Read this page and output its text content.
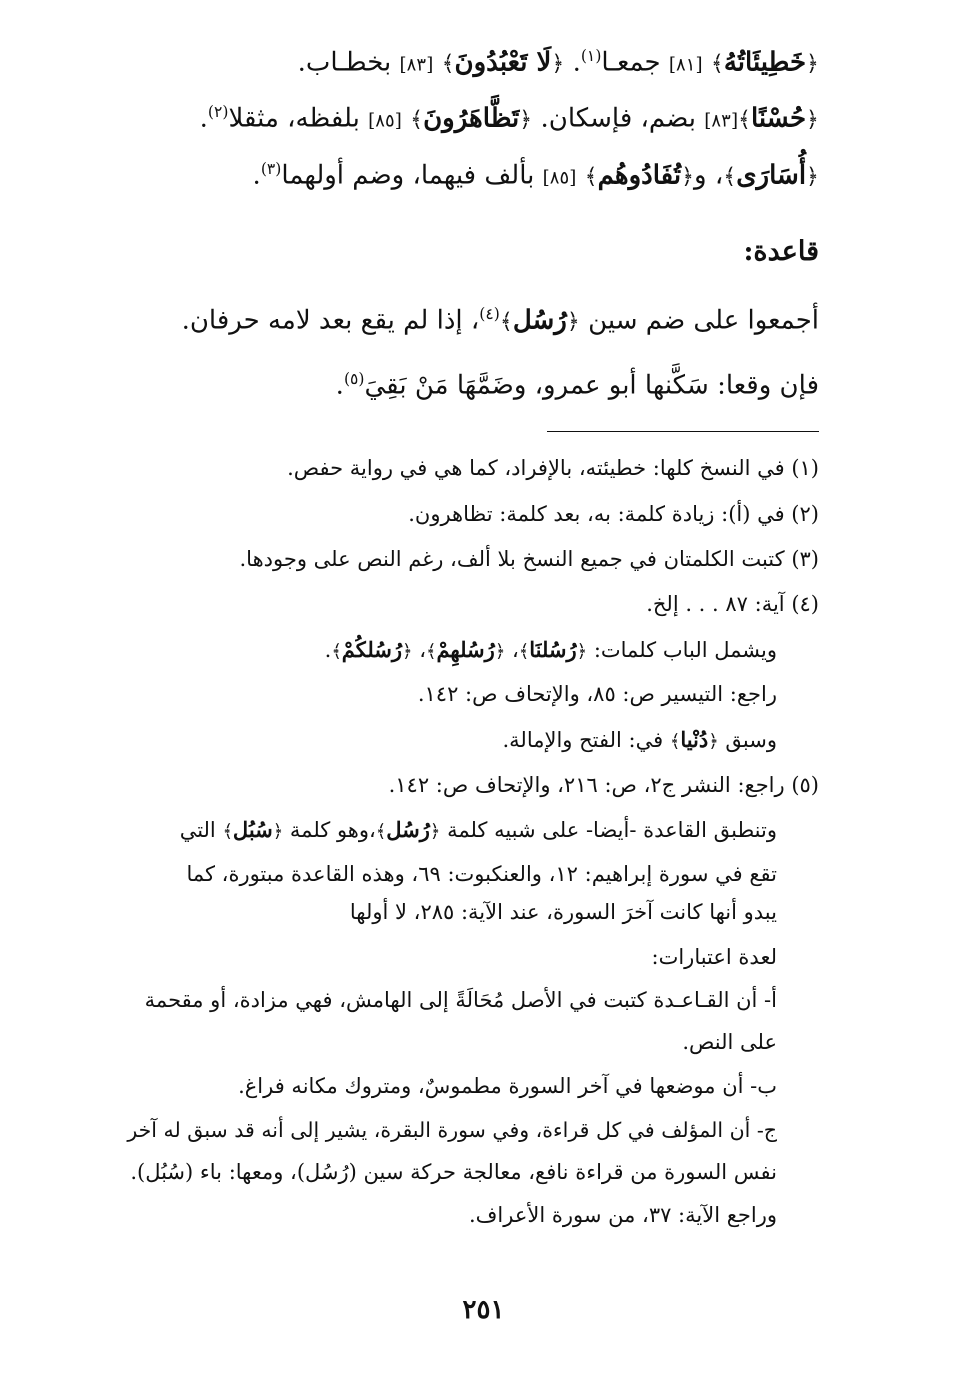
﴿خَطِيئَاتُهُ﴾ [٨١] جمعـا$^{(١)}$. ﴿لَا تَعْبُدُونَ﴾ [٨٣] بخطـاب.
﴿حُسْنًا﴾[٨٣] بضم، فإسكان. ﴿تَظَّاهَرُونَ﴾ [٨٥] بلفظه، مثقلا$^{(٢)}$.
﴿أُسَارَى﴾، و﴿تُفَادُوهُم﴾ [٨٥] بألف فيهما، وضم أولهما$^{(٣)}$.
قاعدة:
أجمعوا على ضم سين ﴿رُسُل﴾$^{(٤)}$، إذا لم يقع بعد لامه حرفان.
فإن وقعا: سَكَّنها أبو عمرو، وضَمَّهَا مَنْ بَقِيَ$^{(٥)}$.
(١) في النسخ كلها: خطيئته، بالإفراد، كما هي في رواية حفص.
(٢) في (أ): زيادة كلمة: به، بعد كلمة: تظاهرون.
(٣) كتبت الكلمتان في جميع النسخ بلا ألف، رغم النص على وجودها.
(٤) آية: ٨٧ . . . إلخ.
ويشمل الباب كلمات: ﴿رُسُلنَا﴾، ﴿رُسُلهِمْ﴾، ﴿رُسُلكُمْ﴾.
راجع: التيسير ص: ٨٥، والإتحاف ص: ١٤٢.
وسبق ﴿دُنْيا﴾ في: الفتح والإمالة.
(٥) راجع: النشر ج٢، ص: ٢١٦، والإتحاف ص: ١٤٢.
وتنطبق القاعدة -أيضا- على شبيه كلمة ﴿رُسُل﴾،وهو كلمة ﴿سُبُل﴾ التي
تقع في سورة إبراهيم: ١٢، والعنكبوت: ٦٩، وهذه القاعدة مبتورة، كما
يبدو أنها كانت آخرَ السورة، عند الآية: ٢٨٥، لا أولها
لعدة اعتبارات:
أ- أن القـاعـدة كتبت في الأصل مُحَالَةً إلى الهامش، فهي مزادة، أو مقحمة
على النص.
ب- أن موضعها في آخر السورة مطموسٌ، ومتروك مكانه فراغ.
ج- أن المؤلف في كل قراءة، وفي سورة البقرة، يشير إلى أنه قد سبق له آخر
نفس السورة من قراءة نافع، معالجة حركة سين (رُسُل)، ومعها: باء (سُبُل).
وراجع الآية: ٣٧، من سورة الأعراف.
٢٥١
